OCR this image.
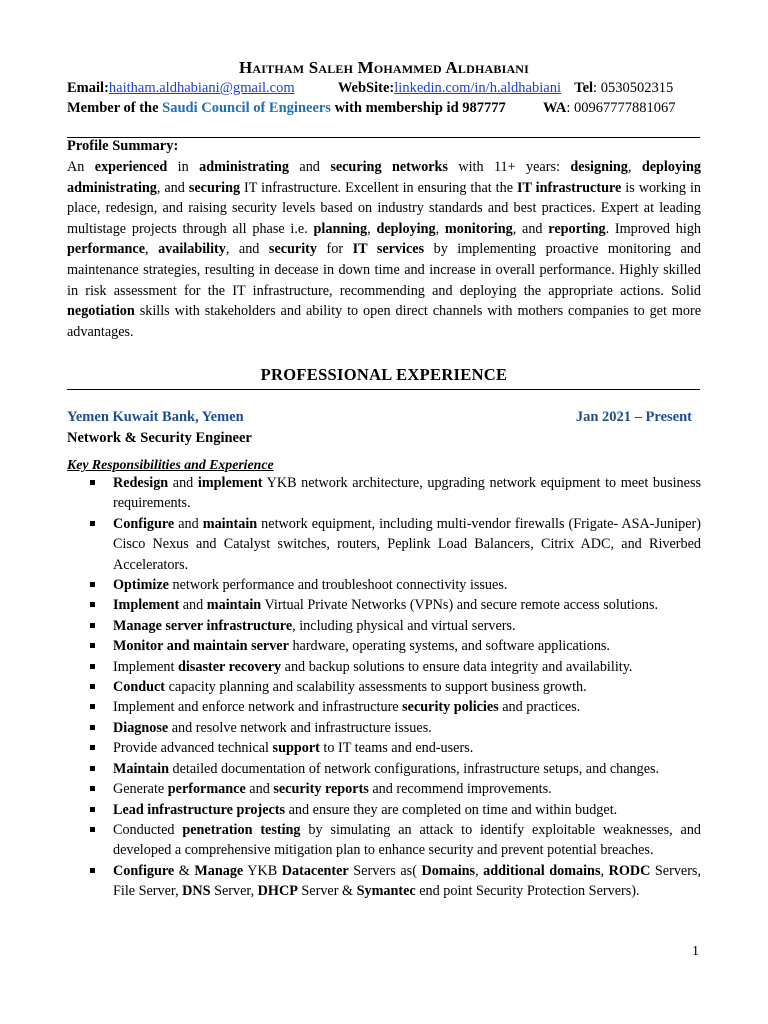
Haitham Saleh Mohammed Aldhabiani
Email:haitham.aldhabiani@gmail.com	WebSite:linkedin.com/in/h.aldhabiani Tel: 0530502315
Member of the Saudi Council of Engineers with membership id 987777	WA: 00967777881067
Profile Summary:

An experienced in administrating and securing networks with 11+ years: designing, deploying administrating, and securing IT infrastructure. Excellent in ensuring that the IT infrastructure is working in place, redesign, and raising security levels based on industry standards and best practices. Expert at leading multistage projects through all phase i.e. planning, deploying, monitoring, and reporting. Improved high performance, availability, and security for IT services by implementing proactive monitoring and maintenance strategies, resulting in decease in down time and increase in overall performance. Highly skilled in risk assessment for the IT infrastructure, recommending and deploying the appropriate actions. Solid negotiation skills with stakeholders and ability to open direct channels with mothers companies to get more advantages.

PROFESSIONAL EXPERIENCE
Yemen Kuwait Bank, Yemen	Jan 2021 – Present
Network & Security Engineer
Key Responsibilities and Experience
Redesign and implement YKB network architecture, upgrading network equipment to meet business requirements.
Configure and maintain network equipment, including multi-vendor firewalls (Frigate- ASA-Juniper) Cisco Nexus and Catalyst switches, routers, Peplink Load Balancers, Citrix ADC, and Riverbed Accelerators.
Optimize network performance and troubleshoot connectivity issues.
Implement and maintain Virtual Private Networks (VPNs) and secure remote access solutions.
Manage server infrastructure, including physical and virtual servers.
Monitor and maintain server hardware, operating systems, and software applications.
Implement disaster recovery and backup solutions to ensure data integrity and availability.
Conduct capacity planning and scalability assessments to support business growth.
Implement and enforce network and infrastructure security policies and practices.
Diagnose and resolve network and infrastructure issues.
Provide advanced technical support to IT teams and end-users.
Maintain detailed documentation of network configurations, infrastructure setups, and changes.
Generate performance and security reports and recommend improvements.
Lead infrastructure projects and ensure they are completed on time and within budget.
Conducted penetration testing by simulating an attack to identify exploitable weaknesses, and developed a comprehensive mitigation plan to enhance security and prevent potential breaches.
Configure & Manage YKB Datacenter Servers as( Domains, additional domains, RODC Servers, File Server, DNS Server, DHCP Server & Symantec end point Security Protection Servers).
1
